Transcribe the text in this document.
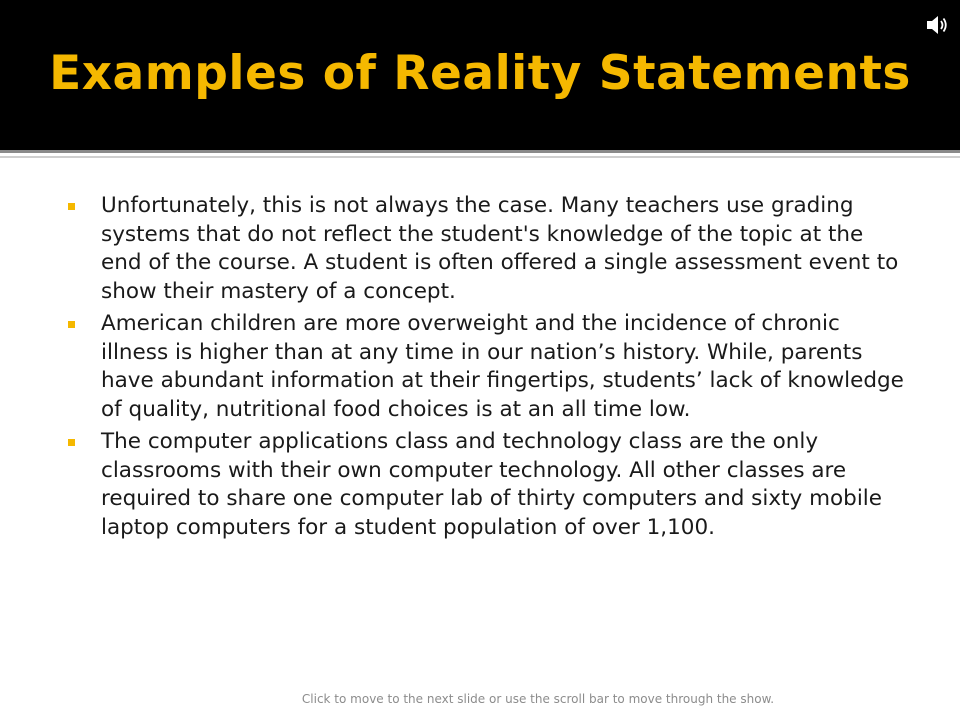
Examples of Reality Statements
Unfortunately, this is not always the case. Many teachers use grading systems that do not reflect the student's knowledge of the topic at the end of the course. A student is often offered a single assessment event to show their mastery of a concept.
American children are more overweight and the incidence of chronic illness is higher than at any time in our nation’s history. While, parents have abundant information at their fingertips, students’ lack of knowledge of quality, nutritional food choices is at an all time low.
The computer applications class and technology class are the only classrooms with their own computer technology. All other classes are required to share one computer lab of thirty computers and sixty mobile laptop computers for a student population of over 1,100.
Click to move to the next slide or use the scroll bar to move through the show.
